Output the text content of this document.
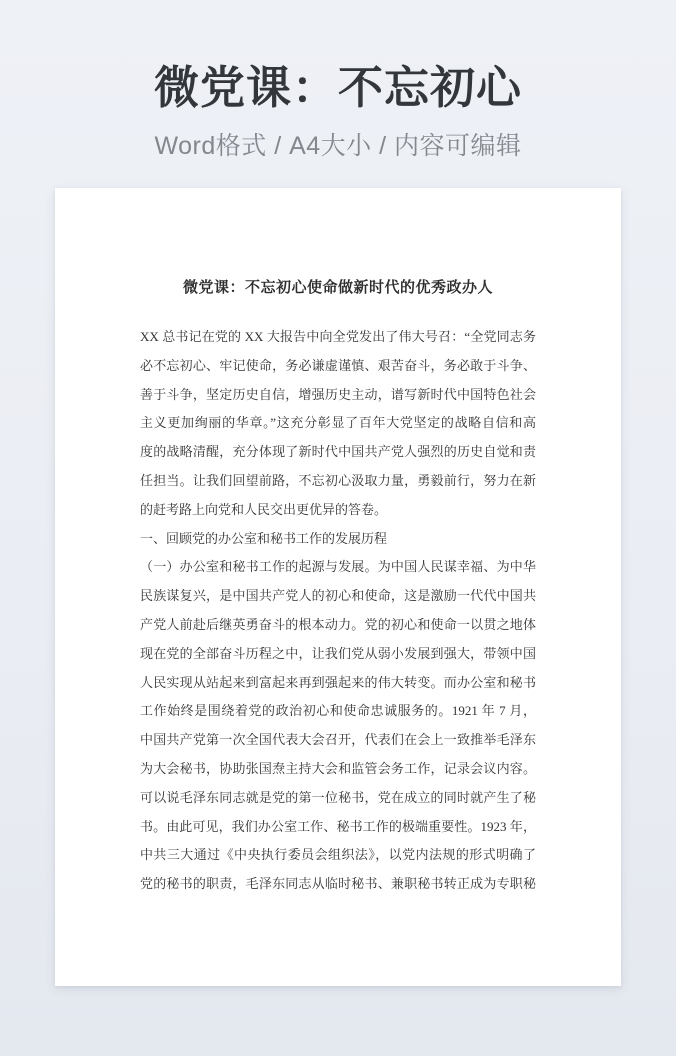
微党课：不忘初心
Word格式 / A4大小 / 内容可编辑
微党课：不忘初心使命做新时代的优秀政办人
XX 总书记在党的 XX 大报告中向全党发出了伟大号召：“全党同志务
必不忘初心、牢记使命，务必谦虚谨慎、艰苦奋斗，务必敢于斗争、
善于斗争，坚定历史自信，增强历史主动，谱写新时代中国特色社会
主义更加绚丽的华章。”这充分彰显了百年大党坚定的战略自信和高
度的战略清醒，充分体现了新时代中国共产党人强烈的历史自觉和责
任担当。让我们回望前路，不忘初心汲取力量，勇毅前行，努力在新
的赶考路上向党和人民交出更优异的答卷。
一、回顾党的办公室和秘书工作的发展历程
（一）办公室和秘书工作的起源与发展。为中国人民谋幸福、为中华
民族谋复兴，是中国共产党人的初心和使命，这是激励一代代中国共
产党人前赴后继英勇奋斗的根本动力。党的初心和使命一以贯之地体
现在党的全部奋斗历程之中，让我们党从弱小发展到强大，带领中国
人民实现从站起来到富起来再到强起来的伟大转变。而办公室和秘书
工作始终是围绕着党的政治初心和使命忠诚服务的。1921 年 7 月，
中国共产党第一次全国代表大会召开，代表们在会上一致推举毛泽东
为大会秘书，协助张国焘主持大会和监管会务工作，记录会议内容。
可以说毛泽东同志就是党的第一位秘书，党在成立的同时就产生了秘
书。由此可见，我们办公室工作、秘书工作的极端重要性。1923 年，
中共三大通过《中央执行委员会组织法》，以党内法规的形式明确了
党的秘书的职责，毛泽东同志从临时秘书、兼职秘书转正成为专职秘
